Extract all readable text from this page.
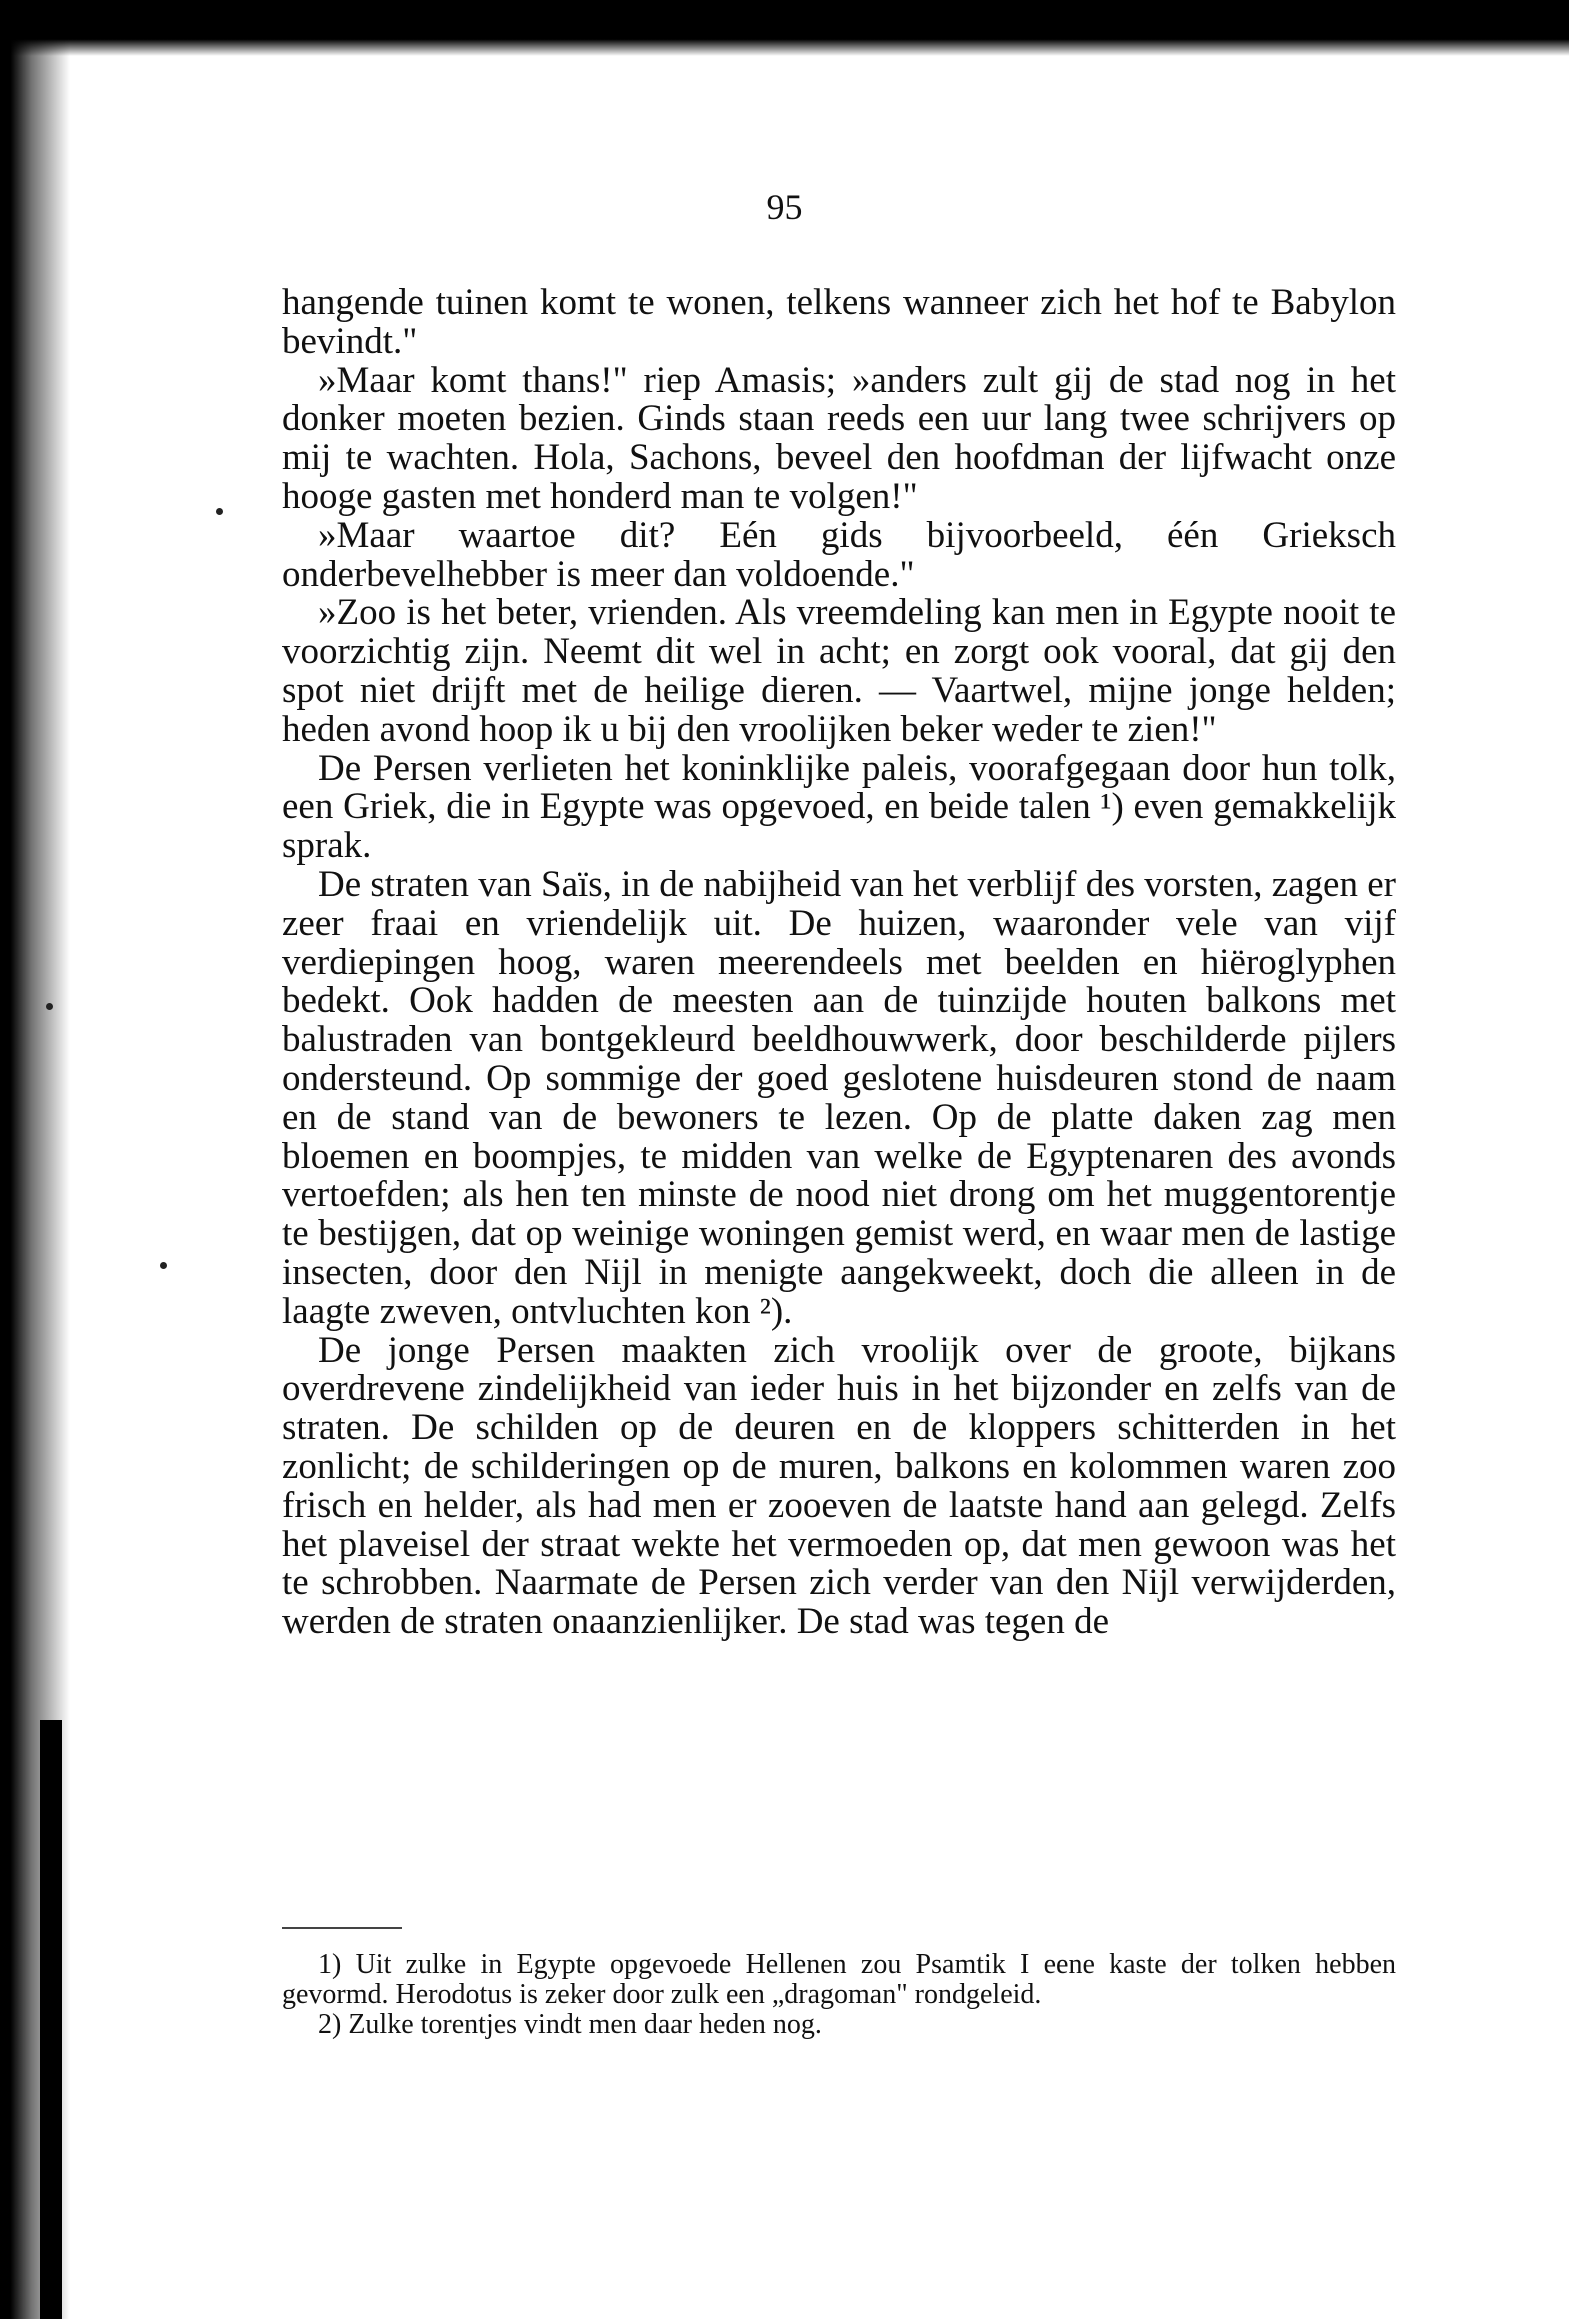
95

hangende tuinen komt te wonen, telkens wanneer zich het hof te Babylon bevindt."

»Maar komt thans!" riep Amasis; »anders zult gij de stad nog in het donker moeten bezien. Ginds staan reeds een uur lang twee schrijvers op mij te wachten. Hola, Sachons, beveel den hoofdman der lijfwacht onze hooge gasten met honderd man te volgen!"

»Maar waartoe dit? Eén gids bijvoorbeeld, één Grieksch onderbevelhebber is meer dan voldoende."

»Zoo is het beter, vrienden. Als vreemdeling kan men in Egypte nooit te voorzichtig zijn. Neemt dit wel in acht; en zorgt ook vooral, dat gij den spot niet drijft met de heilige dieren. — Vaartwel, mijne jonge helden; heden avond hoop ik u bij den vroolijken beker weder te zien!"

De Persen verlieten het koninklijke paleis, voorafgegaan door hun tolk, een Griek, die in Egypte was opgevoed, en beide talen ¹) even gemakkelijk sprak.

De straten van Saïs, in de nabijheid van het verblijf des vorsten, zagen er zeer fraai en vriendelijk uit. De huizen, waaronder vele van vijf verdiepingen hoog, waren meerendeels met beelden en hiëroglyphen bedekt. Ook hadden de meesten aan de tuinzijde houten balkons met balustraden van bontgekleurd beeldhouwwerk, door beschilderde pijlers ondersteund. Op sommige der goed geslotene huisdeuren stond de naam en de stand van de bewoners te lezen. Op de platte daken zag men bloemen en boompjes, te midden van welke de Egyptenaren des avonds vertoefden; als hen ten minste de nood niet drong om het muggentorentje te bestijgen, dat op weinige woningen gemist werd, en waar men de lastige insecten, door den Nijl in menigte aangekweekt, doch die alleen in de laagte zweven, ontvluchten kon ²).

De jonge Persen maakten zich vroolijk over de groote, bijkans overdrevene zindelijkheid van ieder huis in het bijzonder en zelfs van de straten. De schilden op de deuren en de kloppers schitterden in het zonlicht; de schilderingen op de muren, balkons en kolommen waren zoo frisch en helder, als had men er zooeven de laatste hand aan gelegd. Zelfs het plaveisel der straat wekte het vermoeden op, dat men gewoon was het te schrobben. Naarmate de Persen zich verder van den Nijl verwijderden, werden de straten onaanzienlijker. De stad was tegen de

1) Uit zulke in Egypte opgevoede Hellenen zou Psamtik I eene kaste der tolken hebben gevormd. Herodotus is zeker door zulk een „dragoman" rondgeleid.

2) Zulke torentjes vindt men daar heden nog.
